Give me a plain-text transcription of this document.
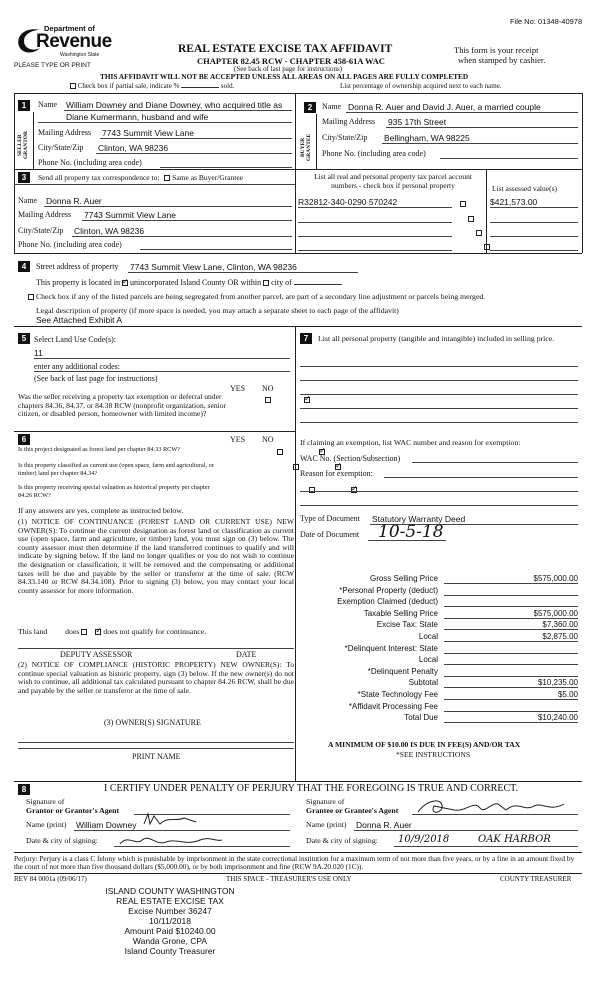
File No: 01348-40978
Department of
Revenue
Washington State
PLEASE TYPE OR PRINT
REAL ESTATE EXCISE TAX AFFIDAVIT
CHAPTER 82.45 RCW - CHAPTER 458-61A WAC
(See back of last page for instructions)
This form is your receipt
when stamped by cashier.
THIS AFFIDAVIT WILL NOT BE ACCEPTED UNLESS ALL AREAS ON ALL PAGES ARE FULLY COMPLETED
Check box if partial sale, indicate %	sold.	List percentage of ownership acquired next to each name.
1
SELLER GRANTOR
Name William Downey and Diane Downey, who acquired title as
Diane Kumermann, husband and wife
Mailing Address 7743 Summit View Lane
City/State/Zip Clinton, WA 98236
Phone No. (including area code)
2
BUYER GRANTEE
Name Donna R. Auer and David J. Auer, a married couple
Mailing Address 935 17th Street
City/State/Zip Bellingham, WA 98225
Phone No. (including area code)
3	Send all property tax correspondence to: Same as Buyer/Grantee
Name Donna R. Auer
Mailing Address 7743 Summit View Lane
City/State/Zip Clinton, WA 98236
Phone No. (including area code)
List all real and personal property tax parcel account
numbers - check box if personal property	List assessed value(s)
R32812-340-0290 570242	$421,573.00

4	Street address of property 7743 Summit View Lane, Clinton, WA 98236
This property is located in ✓ unincorporated Island County OR within city of
Check box if any of the listed parcels are being segregated from another parcel, are part of a secondary line adjustment or parcels being merged.
Legal description of property (if more space is needed, you may attach a separate sheet to each page of the affidavit)
See Attached Exhibit A
5 Select Land Use Code(s):
11
enter any additional codes:
(See back of last page for instructions)
YES NO
Was the seller receiving a property tax exemption or deferral under chapters 84.36, 84.37, or 84.38 RCW (nonprofit organization, senior citizen, or disabled person, homeowner with limited income)?
✓
7	List all personal property (tangible and intangible) included in selling price.
6	YES NO
Is this project designated as forest land per chapter 84.33 RCW?
✓
Is this property classified as current use (open space, farm and agricultural, or timber) land per chapter 84.34?
✓
Is this property receiving special valuation as historical property per chapter 84.26 RCW?
✓
If any answers are yes, complete as instructed below.
(1) NOTICE OF CONTINUANCE (FOREST LAND OR CURRENT USE) NEW OWNER(S): To continue the current designation as forest land or classification as current use (open space, farm and agriculture, or timber) land, you must sign on (3) below. The county assessor must then determine if the land transferred continues to qualify and will indicate by signing below. If the land no longer qualifies or you do not wish to continue the designation or classification, it will be removed and the compensating or additional taxes will be due and payable by the seller or transferor at the time of sale. (RCW 84.33.140 or RCW 84.34.108). Prior to signing (3) below, you may contact your local county assessor for more information.
This land does ✓	does not qualify for continuance.
DEPUTY ASSESSOR	DATE
(2) NOTICE OF COMPLIANCE (HISTORIC PROPERTY) NEW OWNER(S): To continue special valuation as historic property, sign (3) below. If the new owner(s) do not wish to continue, all additional tax calculated pursuant to chapter 84.26 RCW, shall be due and payable by the seller or transferor at the time of sale.
(3) OWNER(S) SIGNATURE
PRINT NAME
If claiming an exemption, list WAC number and reason for exemption:
WAC No. (Section/Subsection)
Reason for exemption:
Type of Document Statutory Warranty Deed
Date of Document 10-5-18
Gross Selling Price	$575,000.00
*Personal Property (deduct)
Exemption Claimed (deduct)
Taxable Selling Price	$575,000.00
Excise Tax: State	$7,360.00
Local	$2,875.00
*Delinquent Interest: State
Local
*Delinquent Penalty
Subtotal	$10,235.00
*State Technology Fee	$5.00
*Affidavit Processing Fee
Total Due	$10,240.00
A MINIMUM OF $10.00 IS DUE IN FEE(S) AND/OR TAX
*SEE INSTRUCTIONS
8	I CERTIFY UNDER PENALTY OF PERJURY THAT THE FOREGOING IS TRUE AND CORRECT.
Signature of
Grantor or Grantor's Agent
Signature of
Grantee or Grantee's Agent
Name (print) William Downey	Name (print) Donna R. Auer
Date & city of signing:	Date & city of signing: 10/9/2018	OAK HARBOR
Perjury: Perjury is a class C felony which is punishable by imprisonment in the state correctional institution for a maximum term of not more than five years, or by a fine in an amount fixed by the court of not more than five thousand dollars ($5,000.00), or by both imprisonment and fine (RCW 9A.20.020 (1C)).
REV 84 0001a (09/06/17)	THIS SPACE - TREASURER'S USE ONLY	COUNTY TREASURER
ISLAND COUNTY WASHINGTON
REAL ESTATE EXCISE TAX
Excise Number 36247
10/11/2018
Amount Paid $10240.00
Wanda Grone, CPA
Island County Treasurer
